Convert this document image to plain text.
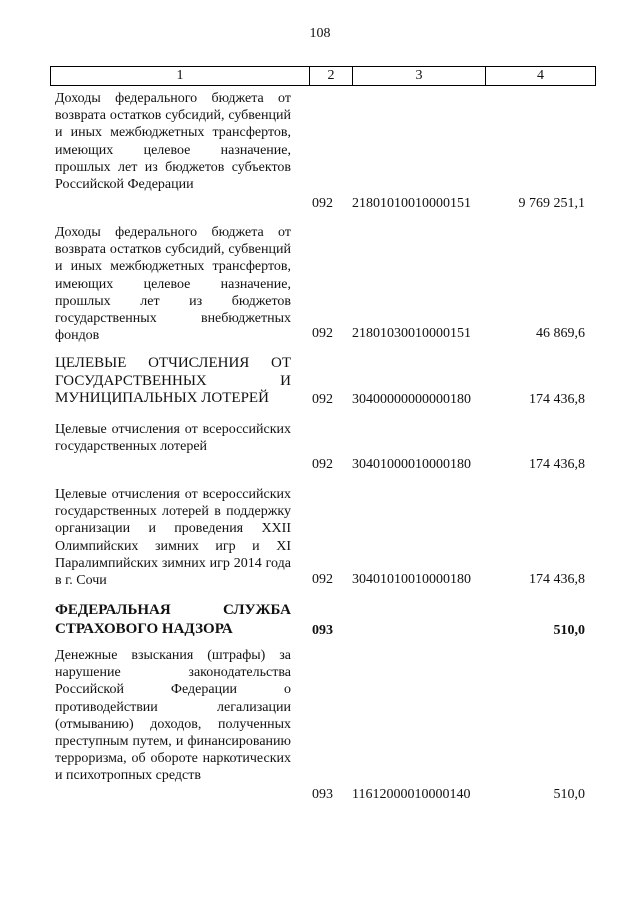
108
1	2	3	4
Доходы федерального бюджета от возврата остатков субсидий, субвенций и иных межбюджетных трансфертов, имеющих целевое назначение, прошлых лет из бюджетов субъектов Российской Федерации
092 21801010010000151	9 769 251,1
Доходы федерального бюджета от возврата остатков субсидий, субвенций и иных межбюджетных трансфертов, имеющих целевое назначение, прошлых лет из бюджетов государственных внебюджетных фондов	092 21801030010000151	46 869,6
ЦЕЛЕВЫЕ ОТЧИСЛЕНИЯ ОТ ГОСУДАРСТВЕННЫХ И МУНИЦИПАЛЬНЫХ ЛОТЕРЕЙ	092 30400000000000180	174 436,8
Целевые отчисления от всероссийских государственных лотерей
092 30401000010000180	174 436,8
Целевые отчисления от всероссийских государственных лотерей в поддержку организации и проведения XXII Олимпийских зимних игр и XI Паралимпийских зимних игр 2014 года в г. Сочи	092 30401010010000180	174 436,8
ФЕДЕРАЛЬНАЯ СЛУЖБА СТРАХОВОГО НАДЗОРА	093	510,0
Денежные взыскания (штрафы) за нарушение законодательства Российской Федерации о противодействии легализации (отмыванию) доходов, полученных преступным путем, и финансированию терроризма, об обороте наркотических и психотропных средств
093 11612000010000140	510,0
